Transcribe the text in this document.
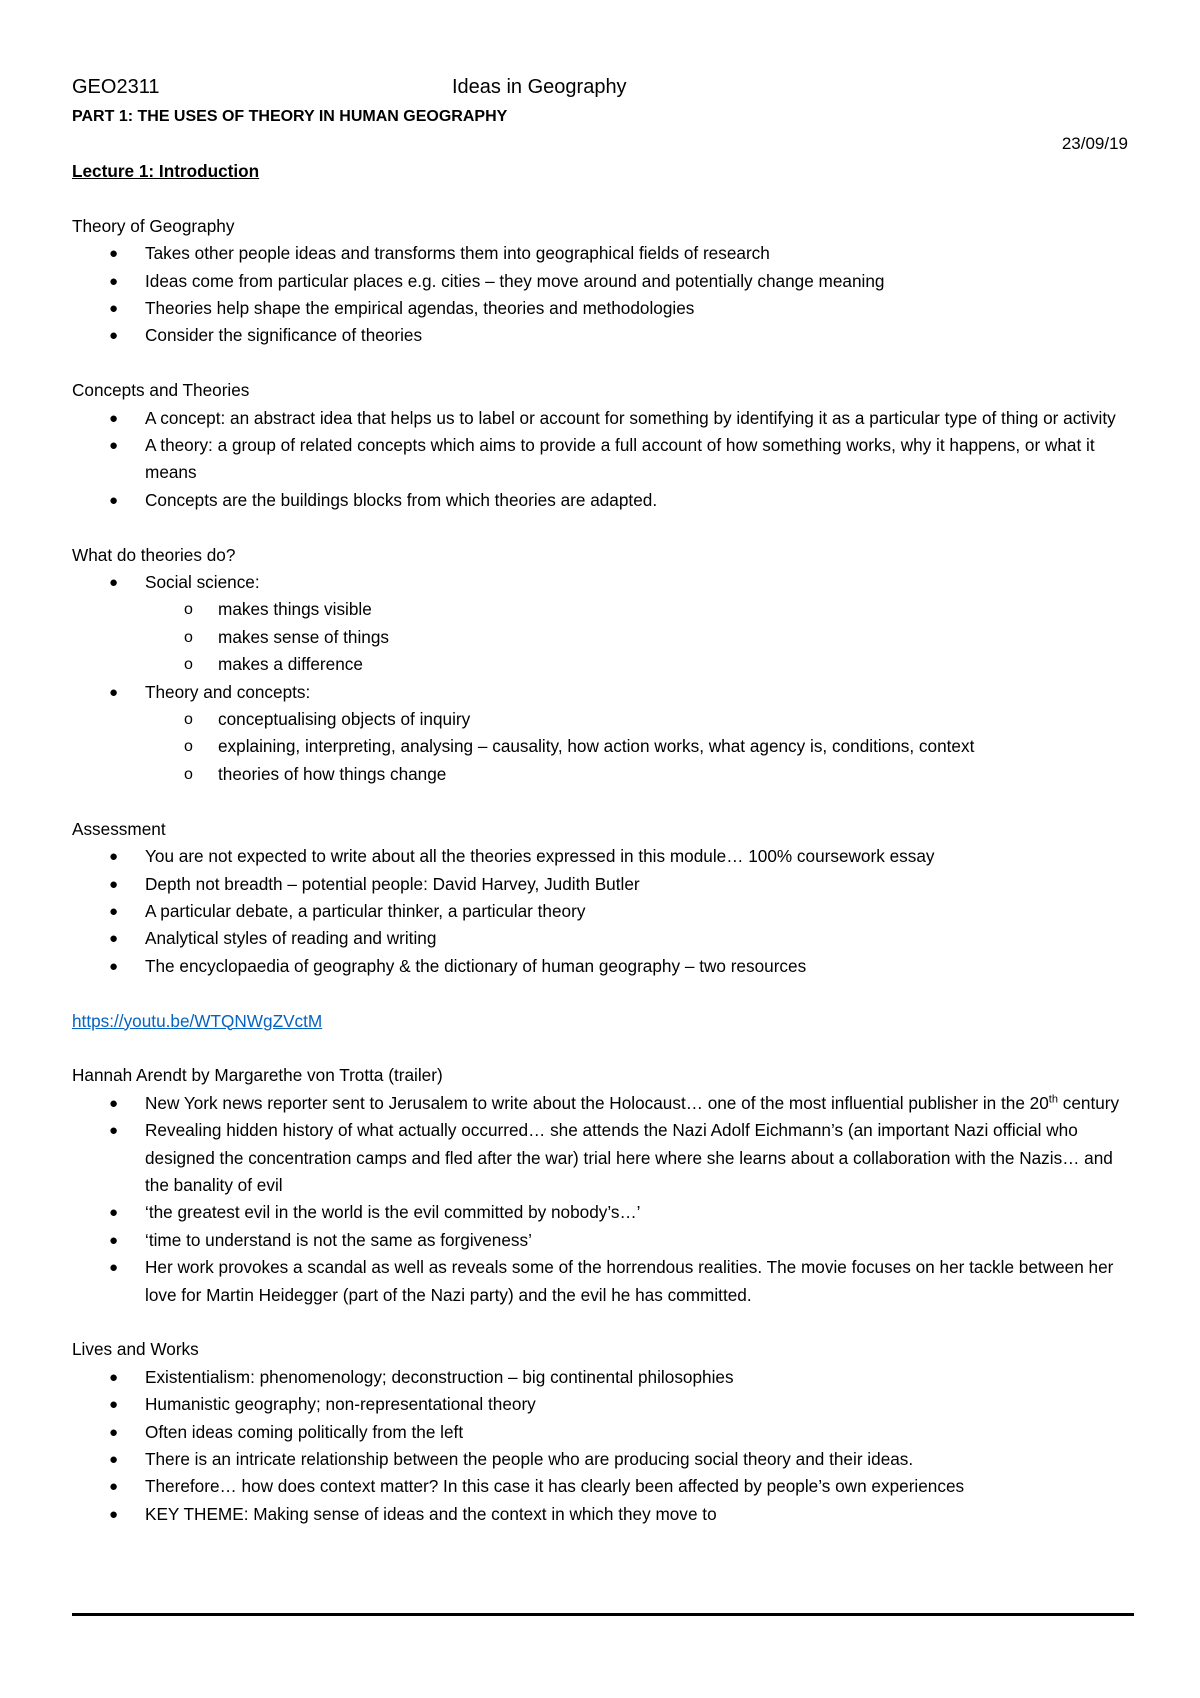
GEO2311	Ideas in Geography
PART 1: THE USES OF THEORY IN HUMAN GEOGRAPHY
23/09/19

Lecture 1: Introduction

Theory of Geography

● Takes other people ideas and transforms them into geographical fields of research
● Ideas come from particular places e.g. cities – they move around and potentially change meaning
● Theories help shape the empirical agendas, theories and methodologies
● Consider the significance of theories

Concepts and Theories

● A concept: an abstract idea that helps us to label or account for something by identifying it as a particular type of thing or activity
● A theory: a group of related concepts which aims to provide a full account of how something works, why it happens, or what it means
● Concepts are the buildings blocks from which theories are adapted.

What do theories do?

● Social science:
o makes things visible
o makes sense of things
o makes a difference
● Theory and concepts:
o conceptualising objects of inquiry
o explaining, interpreting, analysing – causality, how action works, what agency is, conditions, context
o theories of how things change

Assessment

● You are not expected to write about all the theories expressed in this module… 100% coursework essay
● Depth not breadth – potential people: David Harvey, Judith Butler
● A particular debate, a particular thinker, a particular theory
● Analytical styles of reading and writing
● The encyclopaedia of geography & the dictionary of human geography – two resources

https://youtu.be/WTQNWgZVctM

Hannah Arendt by Margarethe von Trotta (trailer)

● New York news reporter sent to Jerusalem to write about the Holocaust… one of the most influential publisher in the 20th century
● Revealing hidden history of what actually occurred… she attends the Nazi Adolf Eichmann’s (an important Nazi official who designed the concentration camps and fled after the war) trial here where she learns about a collaboration with the Nazis… and the banality of evil
● ‘the greatest evil in the world is the evil committed by nobody’s…’
● ‘time to understand is not the same as forgiveness’
● Her work provokes a scandal as well as reveals some of the horrendous realities. The movie focuses on her tackle between her love for Martin Heidegger (part of the Nazi party) and the evil he has committed.

Lives and Works

● Existentialism: phenomenology; deconstruction – big continental philosophies
● Humanistic geography; non-representational theory
● Often ideas coming politically from the left
● There is an intricate relationship between the people who are producing social theory and their ideas.
● Therefore… how does context matter? In this case it has clearly been affected by people’s own experiences
● KEY THEME: Making sense of ideas and the context in which they move to
